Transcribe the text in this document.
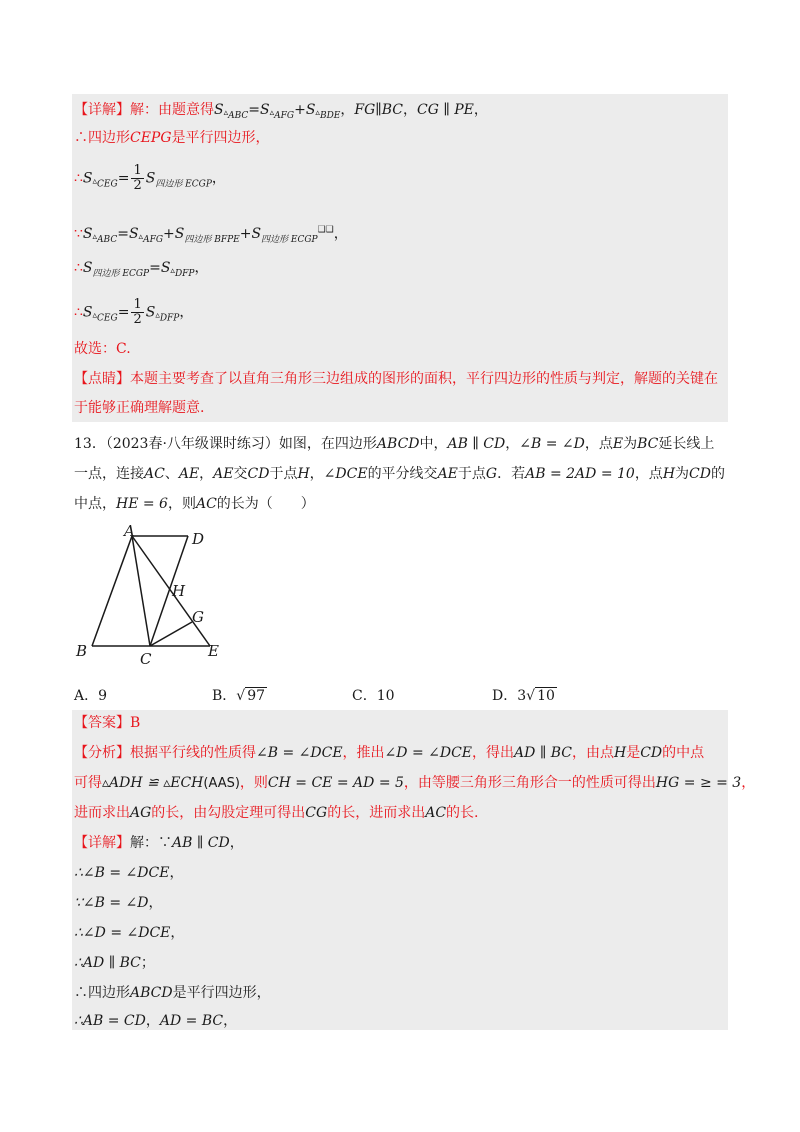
【详解】解：由题意得$S▵_{ABC}=S▵_{AFG}+S▵_{BDE}$，FG∥BC，CG ∥ PE，
∴四边形CEPG是平行四边形，
$\therefore S▵_{CEG}= \frac{1}{2} S_{四边形 ECGP}$，
$\because S▵_{ABC}=S▵_{AFG}+S_{四边形 BFPE}+S_{四边形 ECGP}^{❑❑}$，
$\therefore S_{四边形 ECGP}=S▵_{DFP}$，
$\therefore S▵_{CEG}= \frac{1}{2}$ $S▵_{DFP}$，
故选：C.
【点睛】本题主要考查了以直角三角形三边组成的图形的面积，平行四边形的性质与判定，解题的关键在
于能够正确理解题意.
13．（2023春·八年级课时练习）如图，在四边形ABCD中，AB ∥ CD，∠B = ∠D，点E为BC延长线上
一点，连接AC、AE，AE交CD于点H，∠DCE的平分线交AE于点G．若AB = 2AD = 10，点H为CD的
中点，HE = 6，则AC的长为（　　）
A	D
H
G
B	C	E
A．9	B．√ 97	C．10	D．3√ 10
【答案】B
【分析】根据平行线的性质得∠B = ∠DCE，推出∠D = ∠DCE，得出AD ∥ BC，由点H是CD的中点
可得▵ADH ≌ ▵ECH(AAS)，则CH = CE = AD = 5，由等腰三角形三角形合一的性质可得出HG = ≥ = 3，
进而求出AG的长，由勾股定理可得出CG的长，进而求出AC的长.
【详解】解：∵AB ∥ CD，
∴∠B = ∠DCE，
∵∠B = ∠D，
∴∠D = ∠DCE，
∴AD ∥ BC；
∴四边形ABCD是平行四边形，
∴AB = CD，AD = BC，
